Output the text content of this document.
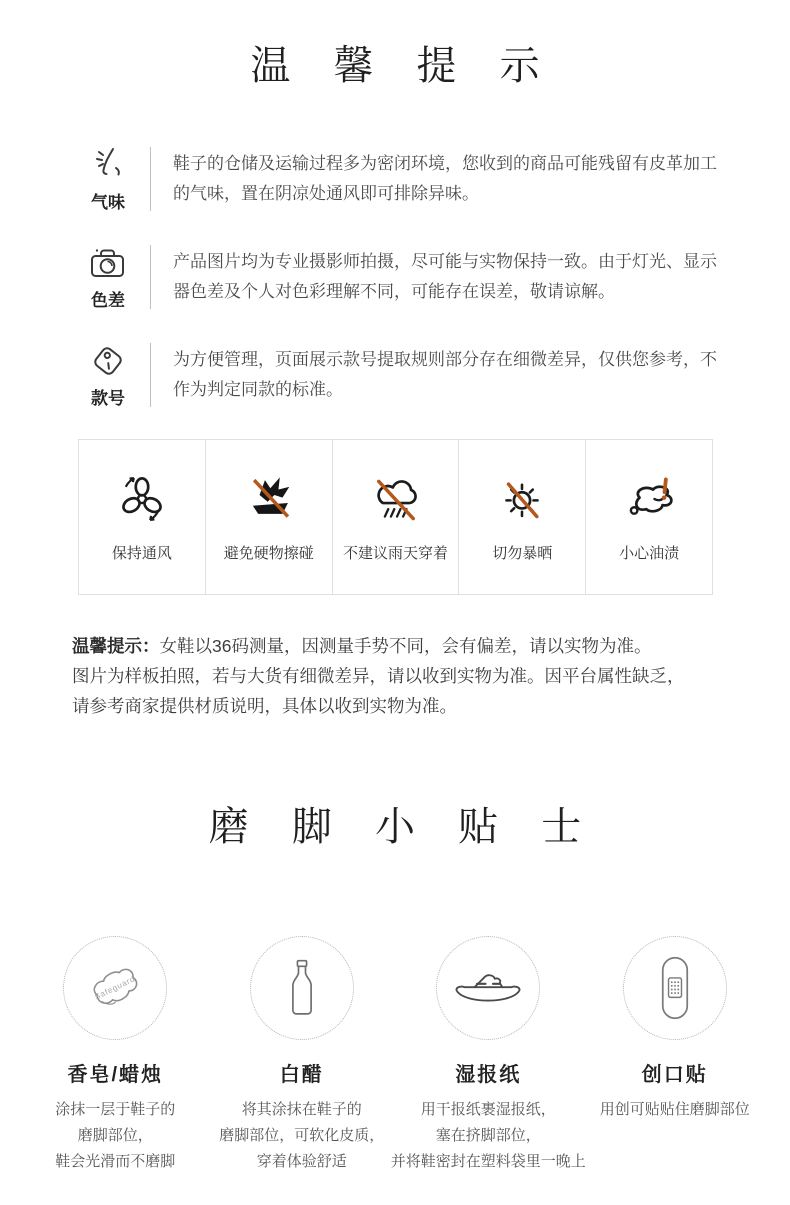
温 馨 提 示
气味
鞋子的仓储及运输过程多为密闭环境，您收到的商品可能残留有皮革加工的气味，置在阴凉处通风即可排除异味。
色差
产品图片均为专业摄影师拍摄，尽可能与实物保持一致。由于灯光、显示器色差及个人对色彩理解不同，可能存在误差，敬请谅解。
款号
为方便管理，页面展示款号提取规则部分存在细微差异，仅供您参考，不作为判定同款的标准。
保持通风	避免硬物擦碰 不建议雨天穿着	切勿暴晒	小心油渍
温馨提示：女鞋以36码测量，因测量手势不同，会有偏差，请以实物为准。
图片为样板拍照，若与大货有细微差异，请以收到实物为准。因平台属性缺乏，
请参考商家提供材质说明，具体以收到实物为准。
磨 脚 小 贴 士
Safeguard
香皂/蜡烛
涂抹一层于鞋子的
磨脚部位，
鞋会光滑而不磨脚
白醋
将其涂抹在鞋子的
磨脚部位，可软化皮质，
穿着体验舒适
湿报纸
用干报纸裹湿报纸，
塞在挤脚部位，
并将鞋密封在塑料袋里一晚上
创口贴
用创可贴贴住磨脚部位
